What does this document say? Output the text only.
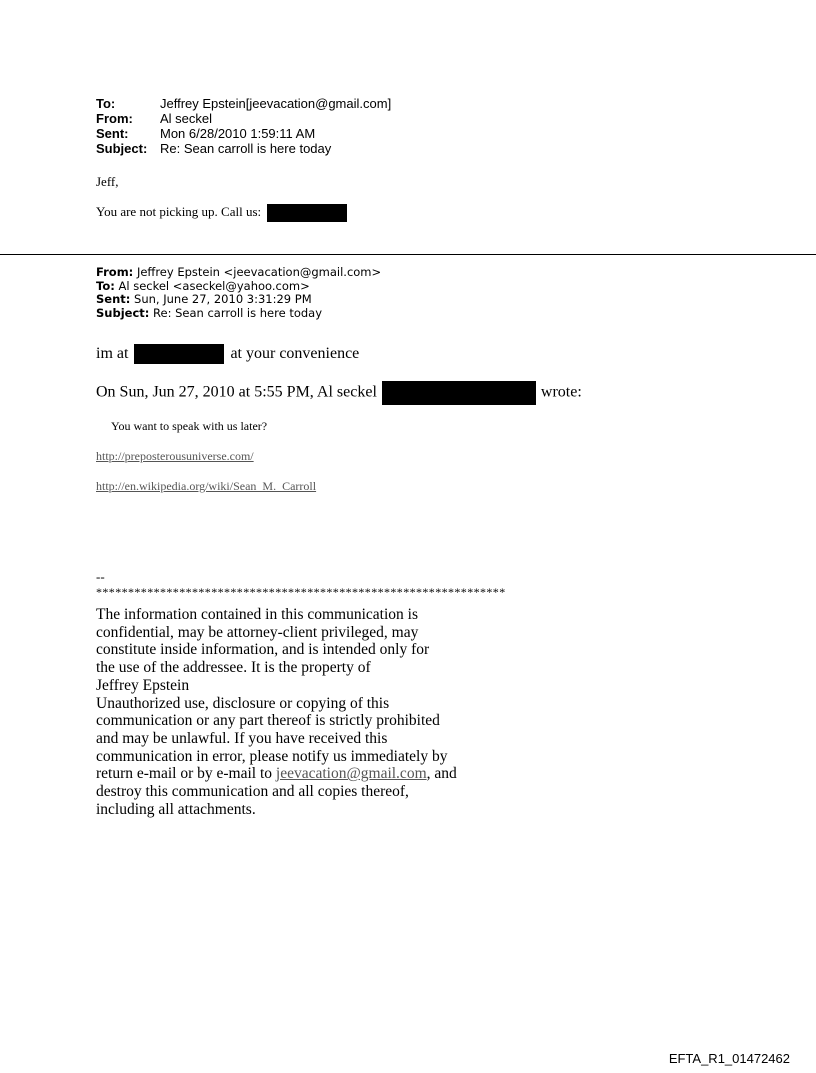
To:	Jeffrey Epstein[jeevacation@gmail.com]
From:	Al seckel
Sent:	Mon 6/28/2010 1:59:11 AM
Subject: Re: Sean carroll is here today
Jeff,
You are not picking up. Call us:
From: Jeffrey Epstein <jeevacation@gmail.com>
To: Al seckel <aseckel@yahoo.com>
Sent: Sun, June 27, 2010 3:31:29 PM
Subject: Re: Sean carroll is here today
im at	at your convenience
On Sun, Jun 27, 2010 at 5:55 PM, Al seckel	wrote:
You want to speak with us later?
http://preposterousuniverse.com/
http://en.wikipedia.org/wiki/Sean_M._Carroll
--
****************************************************************
The information contained in this communication is
confidential, may be attorney-client privileged, may
constitute inside information, and is intended only for
the use of the addressee. It is the property of
Jeffrey Epstein
Unauthorized use, disclosure or copying of this
communication or any part thereof is strictly prohibited
and may be unlawful. If you have received this
communication in error, please notify us immediately by
return e-mail or by e-mail to jeevacation@gmail.com, and
destroy this communication and all copies thereof,
including all attachments.
EFTA_R1_01472462
